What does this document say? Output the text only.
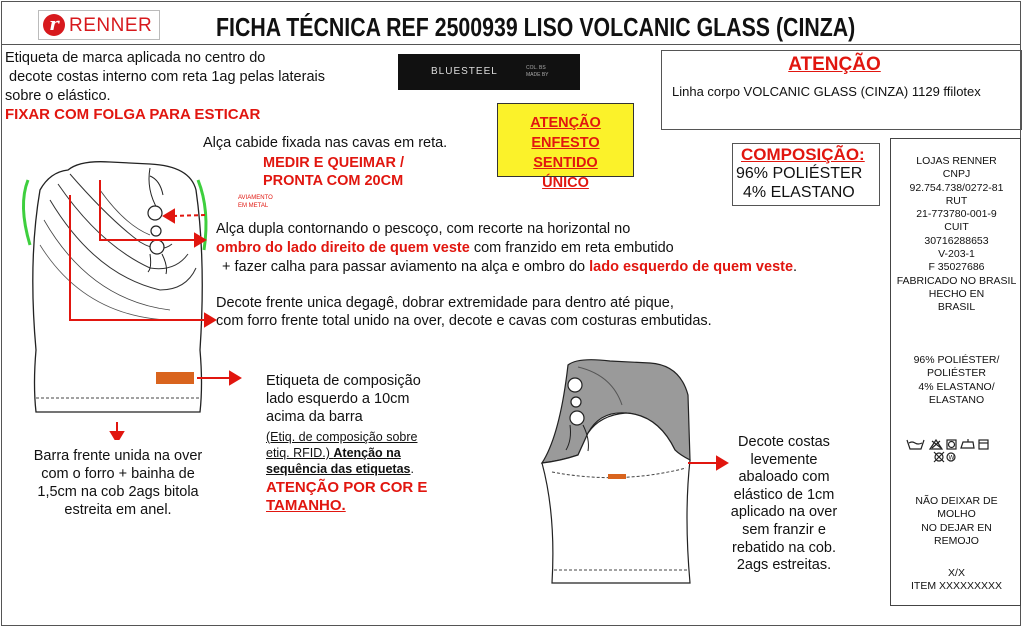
r RENNER FICHA TÉCNICA REF 2500939 LISO VOLCANIC GLASS (CINZA)
Etiqueta de marca aplicada no centro do
decote costas interno com reta 1ag pelas laterais
sobre o elástico.
FIXAR COM FOLGA PARA ESTICAR
BLUESTEEL	COL. BS
MADE BY	ATENÇÃO
Linha corpo VOLCANIC GLASS (CINZA) 1129 ffilotex
ATENÇÃO
ENFESTO SENTIDO
ÚNICO
COMPOSIÇÃO:
96% POLIÉSTER
4% ELASTANO
Alça cabide fixada nas cavas em reta.
MEDIR E QUEIMAR /
PRONTA COM 20CM
AVIAMENTO
EM METAL
Alça dupla contornando o pescoço, com recorte na horizontal no
ombro do lado direito de quem veste com franzido em reta embutido
+ fazer calha para passar aviamento na alça e ombro do lado esquerdo de quem veste.
Decote frente unica degagê, dobrar extremidade para dentro até pique,
com forro frente total unido na over, decote e cavas com costuras embutidas.
Etiqueta de composição
lado esquerdo a 10cm
acima da barra
(Etiq. de composição sobre
etiq. RFID.) Atenção na
sequência das etiquetas.
ATENÇÃO POR COR E
TAMANHO.
Barra frente unida na over
com o forro + bainha de
1,5cm na cob 2ags bitola
estreita em anel.
Decote costas
levemente
abaloado com
elástico de 1cm
aplicado na over
sem franzir e
rebatido na cob.
2ags estreitas.
LOJAS RENNER
CNPJ
92.754.738/0272-81
RUT
21-773780-001-9
CUIT
30716288653
V-203-1
F 35027686
FABRICADO NO BRASIL
HECHO EN
BRASIL
96% POLIÉSTER/
POLIÉSTER
4% ELASTANO/
ELASTANO
W
NÃO DEIXAR DE
MOLHO
NO DEJAR EN
REMOJO
X/X
ITEM XXXXXXXXX
